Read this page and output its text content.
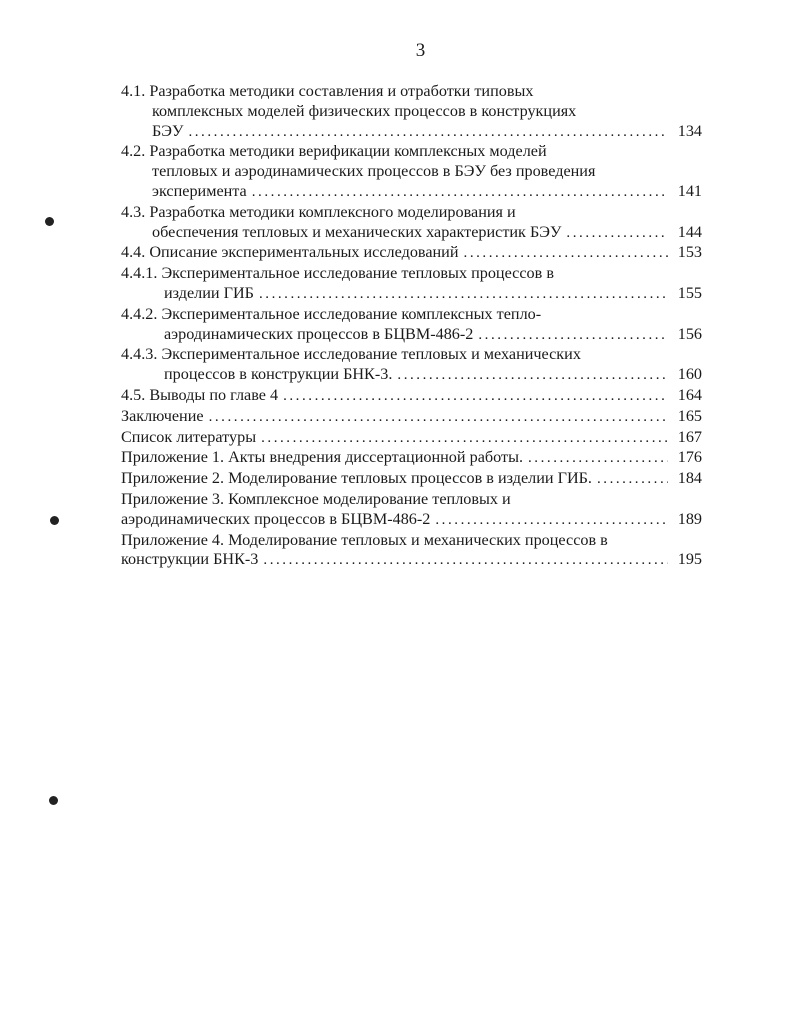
3
4.1. Разработка методики составления и отработки типовых
комплексных моделей физических процессов в конструкциях
БЭУ . . .	134
4.2. Разработка методики верификации комплексных моделей
тепловых и аэродинамических процессов в БЭУ без проведения
эксперимента . . .	141
4.3. Разработка методики комплексного моделирования и
обеспечения тепловых и механических характеристик БЭУ . . .	144
4.4. Описание экспериментальных исследований . . .	153
4.4.1. Экспериментальное исследование тепловых процессов в
изделии ГИБ . . .	155
4.4.2. Экспериментальное исследование комплексных тепло-
аэродинамических процессов в БЦВМ-486-2 . . .	156
4.4.3. Экспериментальное исследование тепловых и механических
процессов в конструкции БНК-3. . . .	160
4.5. Выводы по главе 4 . . .	164
Заключение . . .	165
Список литературы . . .	167
Приложение 1. Акты внедрения диссертационной работы. . . .	176
Приложение 2. Моделирование тепловых процессов в изделии ГИБ. . . .	184
Приложение 3. Комплексное моделирование тепловых и
аэродинамических процессов в БЦВМ-486-2 . . .	189
Приложение 4. Моделирование тепловых и механических процессов в
конструкции БНК-3 . . .	195
